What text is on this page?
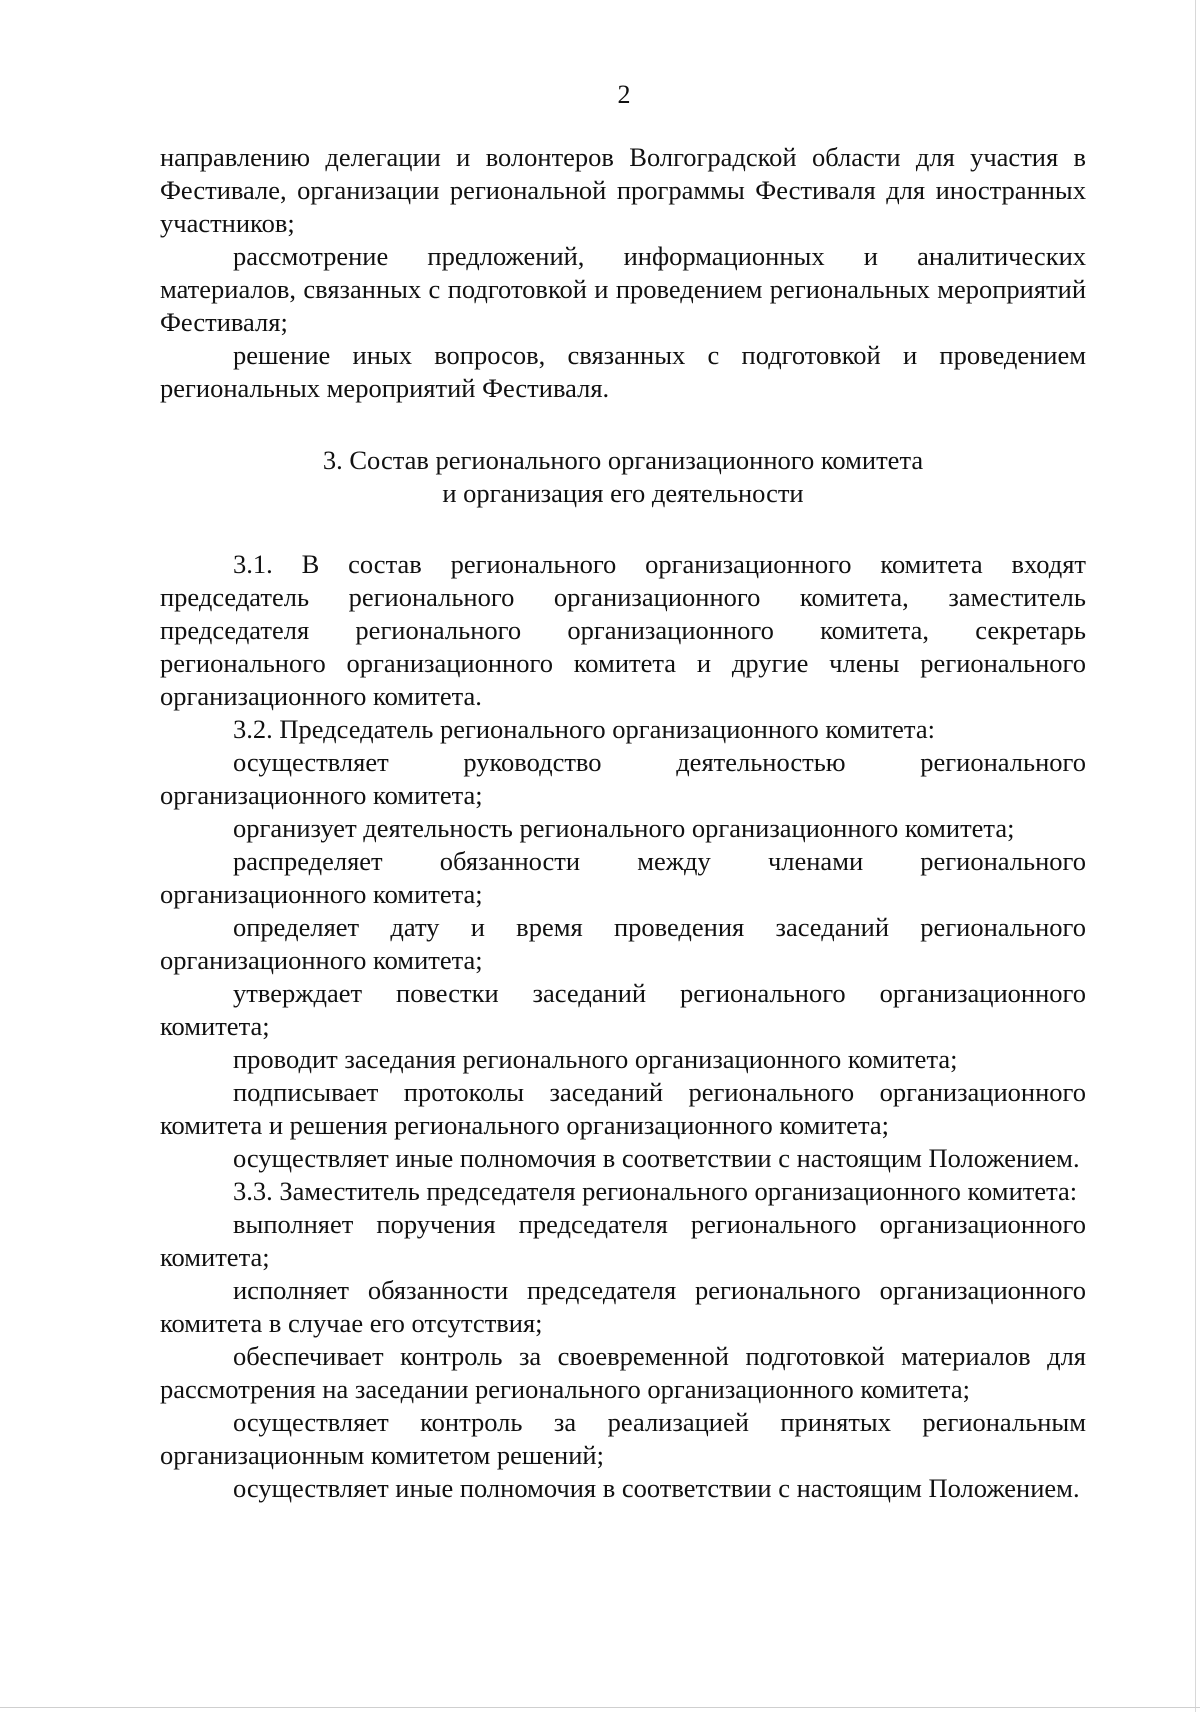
2

направлению делегации и волонтеров Волгоградской области для участия в Фестивале, организации региональной программы Фестиваля для иностранных участников;

рассмотрение предложений, информационных и аналитических материалов, связанных с подготовкой и проведением региональных мероприятий Фестиваля;

решение иных вопросов, связанных с подготовкой и проведением региональных мероприятий Фестиваля.

3. Состав регионального организационного комитета
и организация его деятельности

3.1. В состав регионального организационного комитета входят председатель регионального организационного комитета, заместитель председателя регионального организационного комитета, секретарь регионального организационного комитета и другие члены регионального организационного комитета.

3.2. Председатель регионального организационного комитета:

осуществляет руководство деятельностью регионального организационного комитета;

организует деятельность регионального организационного комитета;

распределяет обязанности между членами регионального организационного комитета;

определяет дату и время проведения заседаний регионального организационного комитета;

утверждает повестки заседаний регионального организационного комитета;

проводит заседания регионального организационного комитета;

подписывает протоколы заседаний регионального организационного комитета и решения регионального организационного комитета;

осуществляет иные полномочия в соответствии с настоящим Положением.

3.3. Заместитель председателя регионального организационного комитета:

выполняет поручения председателя регионального организационного комитета;

исполняет обязанности председателя регионального организационного комитета в случае его отсутствия;

обеспечивает контроль за своевременной подготовкой материалов для рассмотрения на заседании регионального организационного комитета;

осуществляет контроль за реализацией принятых региональным организационным комитетом решений;

осуществляет иные полномочия в соответствии с настоящим Положением.
